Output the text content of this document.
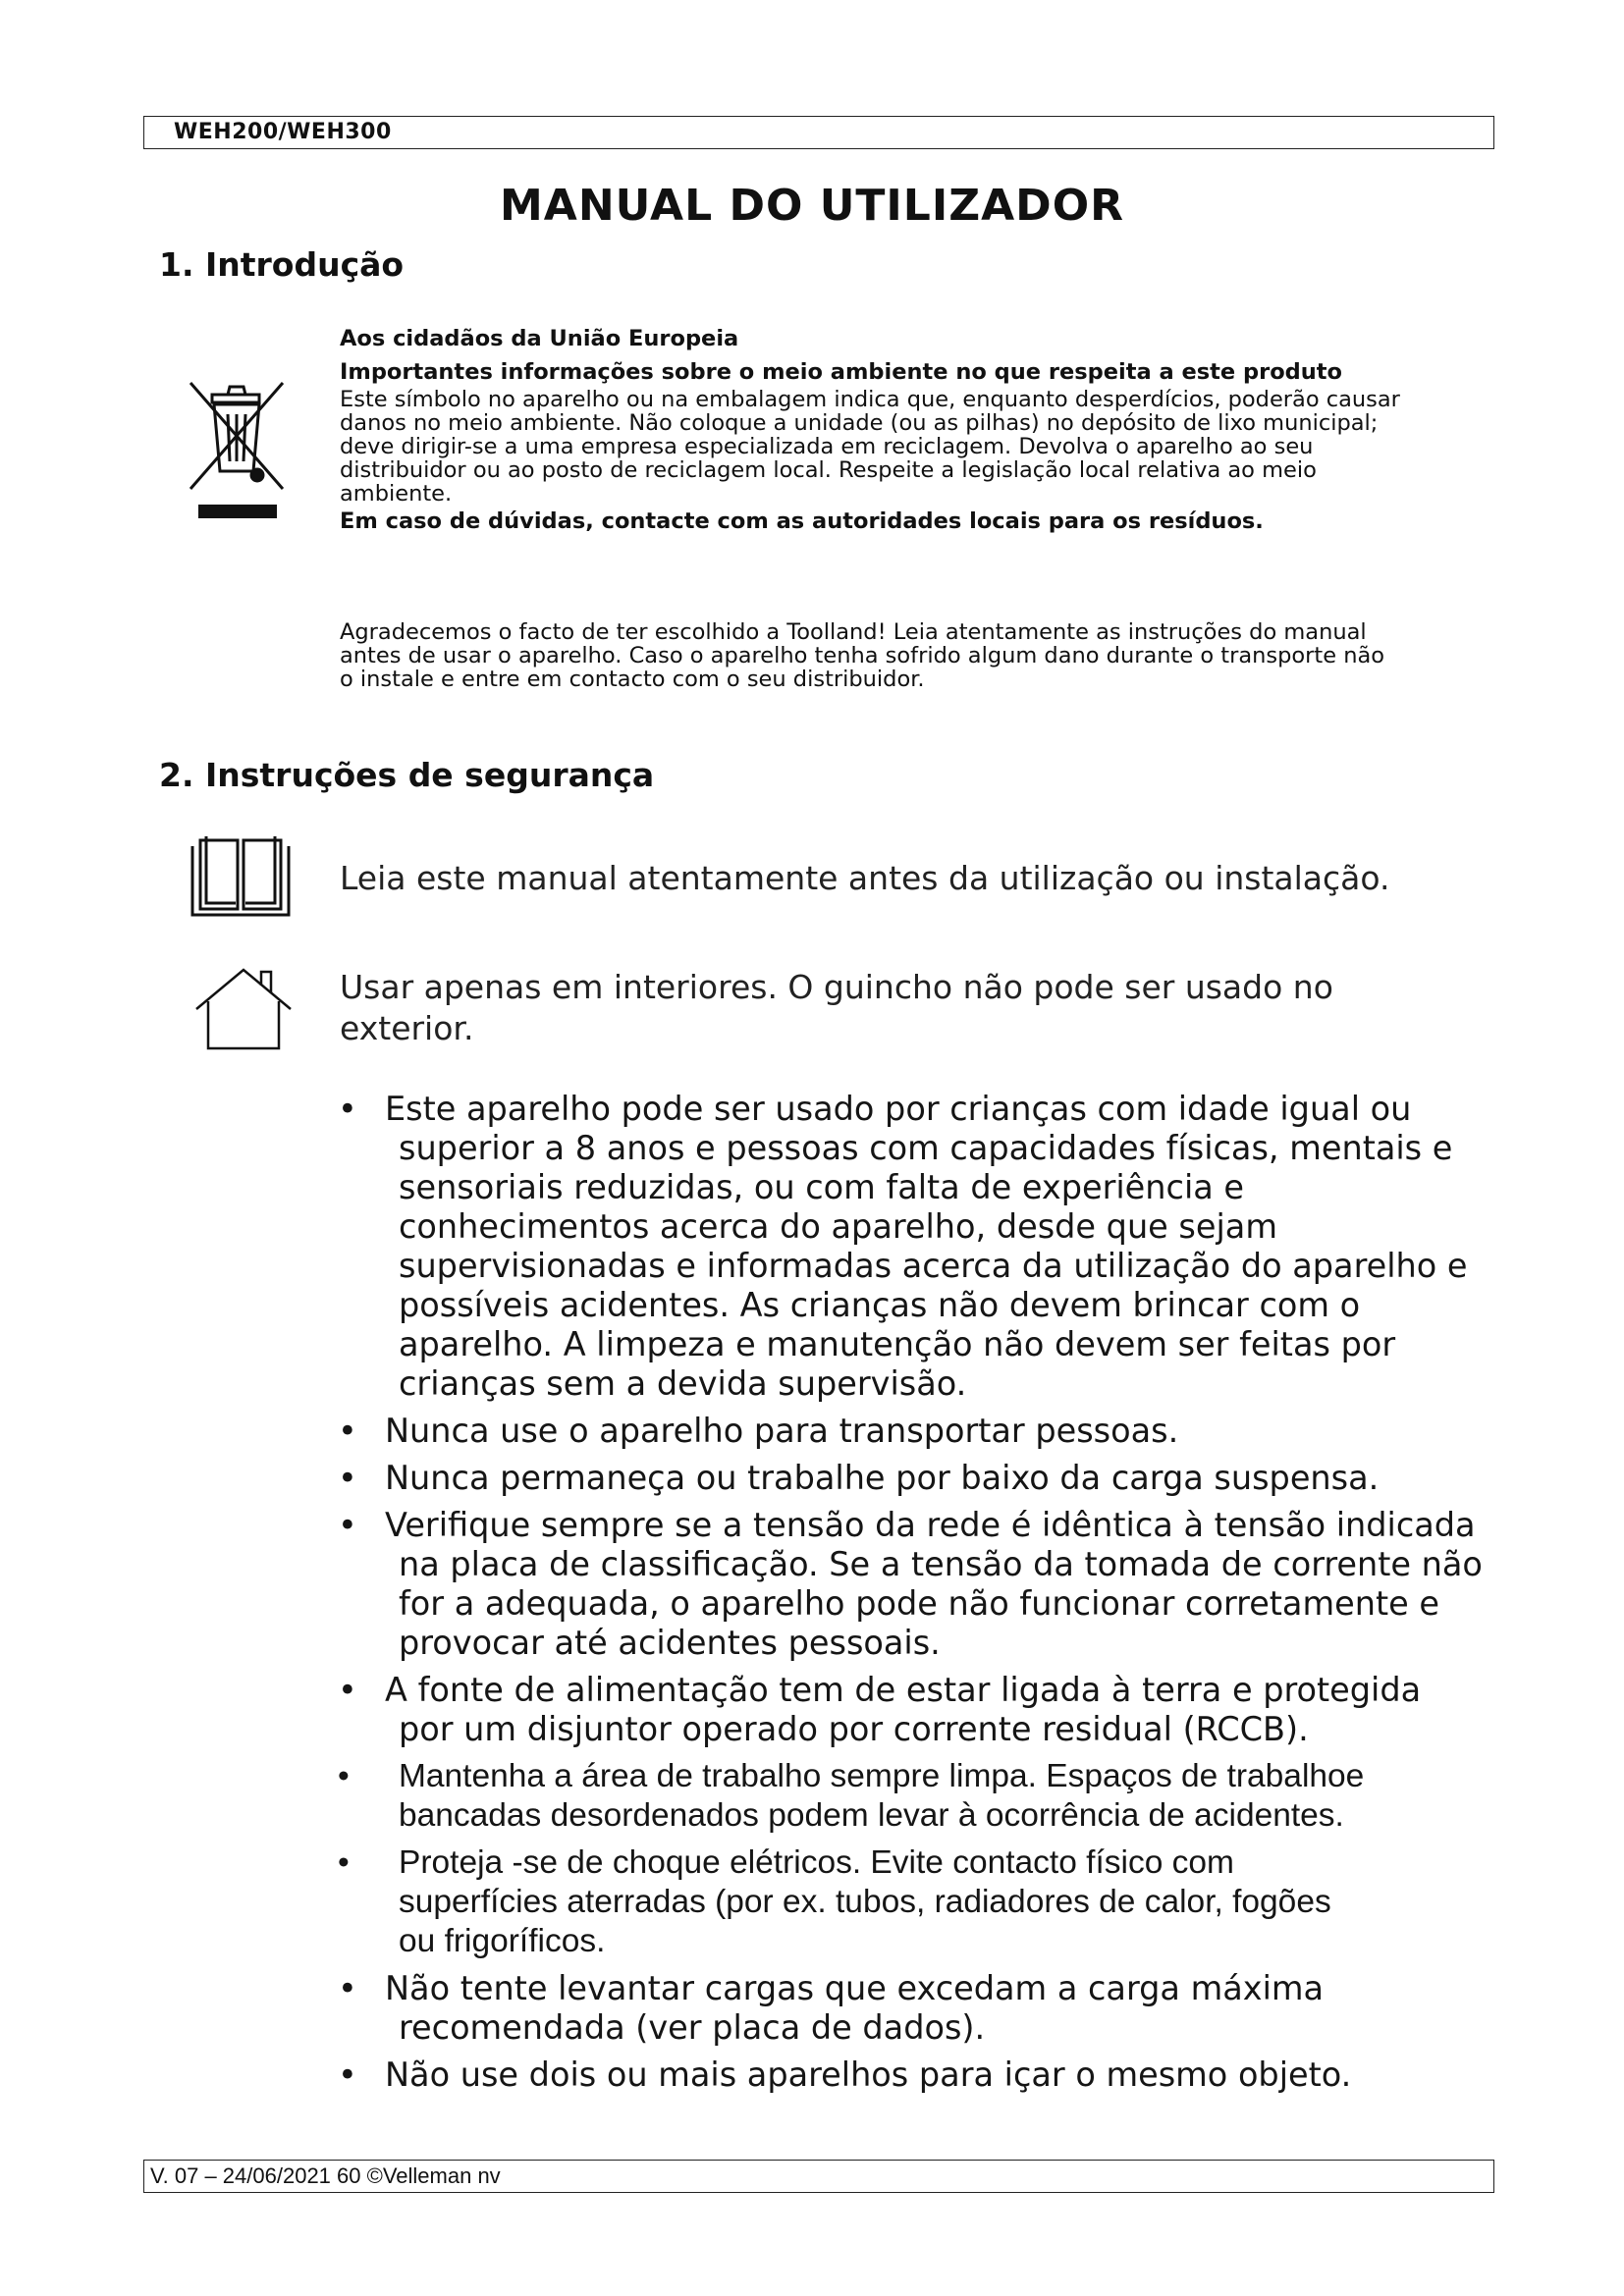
WEH200/WEH300
MANUAL DO UTILIZADOR
1. Introdução

Aos cidadãos da União Europeia

Importantes informações sobre o meio ambiente no que respeita a este produto

Este símbolo no aparelho ou na embalagem indica que, enquanto desperdícios, poderão causar

danos no meio ambiente. Não coloque a unidade (ou as pilhas) no depósito de lixo municipal;

deve dirigir-se a uma empresa especializada em reciclagem. Devolva o aparelho ao seu

distribuidor ou ao posto de reciclagem local. Respeite a legislação local relativa ao meio

ambiente.

Em caso de dúvidas, contacte com as autoridades locais para os resíduos.

Agradecemos o facto de ter escolhido a Toolland! Leia atentamente as instruções do manual

antes de usar o aparelho. Caso o aparelho tenha sofrido algum dano durante o transporte não

o instale e entre em contacto com o seu distribuidor.

2. Instruções de segurança
Leia este manual atentamente antes da utilização ou instalação.
Usar apenas em interiores. O guincho não pode ser usado no
exterior.
• Este aparelho pode ser usado por crianças com idade igual ou
superior a 8 anos e pessoas com capacidades físicas, mentais e
sensoriais reduzidas, ou com falta de experiência e
conhecimentos acerca do aparelho, desde que sejam
supervisionadas e informadas acerca da utilização do aparelho e
possíveis acidentes. As crianças não devem brincar com o
aparelho. A limpeza e manutenção não devem ser feitas por
crianças sem a devida supervisão.
• Nunca use o aparelho para transportar pessoas.
• Nunca permaneça ou trabalhe por baixo da carga suspensa.
• Verifique sempre se a tensão da rede é idêntica à tensão indicada
na placa de classificação. Se a tensão da tomada de corrente não
for a adequada, o aparelho pode não funcionar corretamente e
provocar até acidentes pessoais.
• A fonte de alimentação tem de estar ligada à terra e protegida
por um disjuntor operado por corrente residual (RCCB).
• Mantenha a área de trabalho sempre limpa. Espaços de trabalhoe
bancadas desordenados podem levar à ocorrência de acidentes.
• Proteja -se de choque elétricos. Evite contacto físico com
superfícies aterradas (por ex. tubos, radiadores de calor, fogões
ou frigoríficos.
• Não tente levantar cargas que excedam a carga máxima
recomendada (ver placa de dados).
• Não use dois ou mais aparelhos para içar o mesmo objeto.
V. 07 – 24/06/2021 60 ©Velleman nv
